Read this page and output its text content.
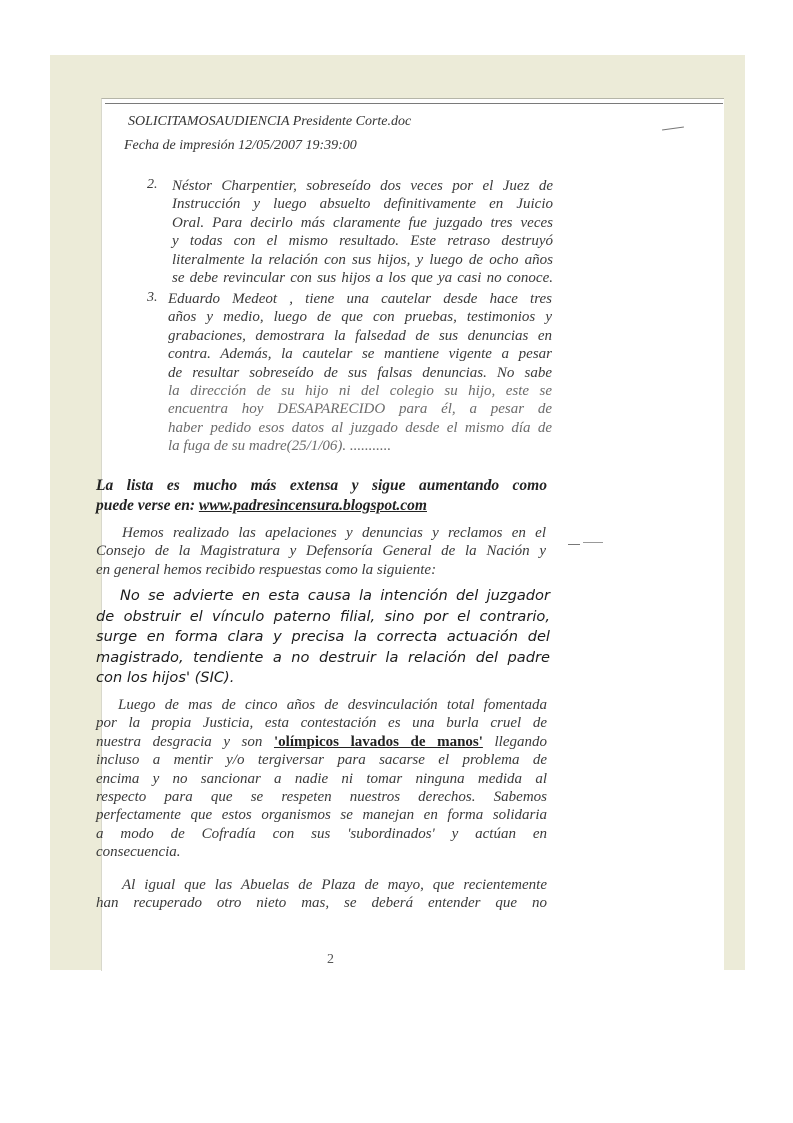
SOLICITAMOSAUDIENCIA Presidente Corte.doc

Fecha de impresión 12/05/2007 19:39:00

2. Néstor Charpentier, sobreseído dos veces por el Juez de

Instrucción y luego absuelto definitivamente en Juicio

Oral. Para decirlo más claramente fue juzgado tres veces

y todas con el mismo resultado. Este retraso destruyó

literalmente la relación con sus hijos, y luego de ocho años

se debe revincular con sus hijos a los que ya casi no conoce.

3. Eduardo Medeot , tiene una cautelar desde hace tres

años y medio, luego de que con pruebas, testimonios y

grabaciones, demostrara la falsedad de sus denuncias en

contra. Además, la cautelar se mantiene vigente a pesar

de resultar sobreseído de sus falsas denuncias. No sabe

la dirección de su hijo ni del colegio su hijo, este se

encuentra hoy DESAPARECIDO para él, a pesar de

haber pedido esos datos al juzgado desde el mismo día de

la fuga de su madre(25/1/06). ...........

La lista es mucho más extensa y sigue aumentando como

puede verse en: www.padresincensura.blogspot.com

Hemos realizado las apelaciones y denuncias y reclamos en el

Consejo de la Magistratura y Defensoría General de la Nación y

en general hemos recibido respuestas como la siguiente:

No se advierte en esta causa la intención del juzgador

de obstruir el vínculo paterno filial, sino por el contrario,

surge en forma clara y precisa la correcta actuación del

magistrado, tendiente a no destruir la relación del padre

con los hijos' (SIC).

Luego de mas de cinco años de desvinculación total fomentada

por la propia Justicia, esta contestación es una burla cruel de

nuestra desgracia y son 'olímpicos lavados de manos' llegando

incluso a mentir y/o tergiversar para sacarse el problema de

encima y no sancionar a nadie ni tomar ninguna medida al

respecto para que se respeten nuestros derechos. Sabemos

perfectamente que estos organismos se manejan en forma solidaria

a modo de Cofradía con sus 'subordinados' y actúan en

consecuencia.

Al igual que las Abuelas de Plaza de mayo, que recientemente

han recuperado otro nieto mas, se deberá entender que no

2
